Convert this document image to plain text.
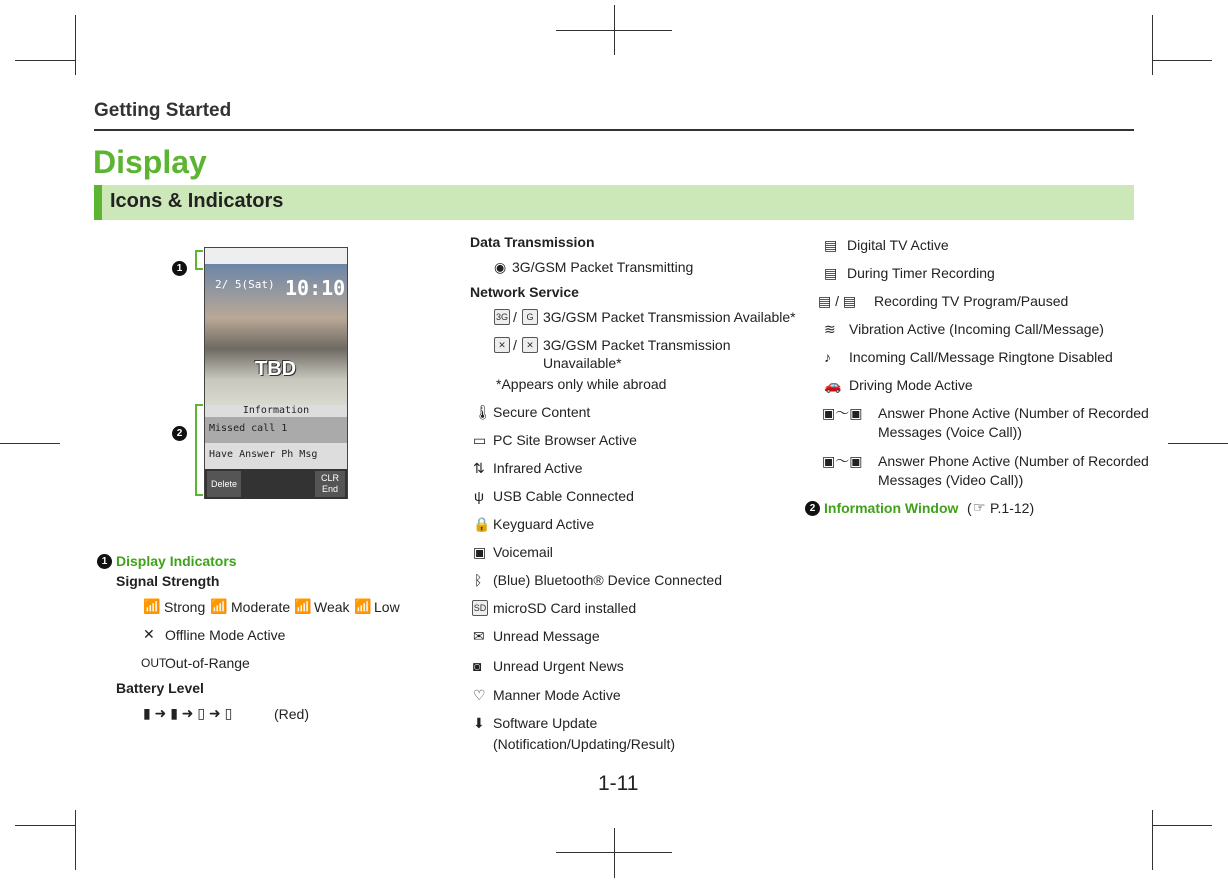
Getting Started
Display
Icons & Indicators
1
2
2/ 5(Sat) 10:10
TBD
Information
Missed call 1
Have Answer Ph Msg
Delete
CLR
End
1 Display Indicators
Signal Strength
📶 Strong 📶 Moderate 📶 Weak 📶 Low
✕ Offline Mode Active
OUT
Out-of-Range
Battery Level
▮ ➜ ▮ ➜ ▯ ➜ ▯	(Red)
Data Transmission
◉ 3G/GSM Packet Transmitting
Network Service
3G /	G 3G/GSM Packet Transmission Available*
✕ /	✕ 3G/GSM Packet Transmission
Unavailable*
*Appears only while abroad
🌡 Secure Content
▭ PC Site Browser Active
⇅ Infrared Active
ψ USB Cable Connected
🔒 Keyguard Active
▣ Voicemail
ᛒ (Blue) Bluetooth® Device Connected
SD microSD Card installed
✉ Unread Message
◙ Unread Urgent News
♡ Manner Mode Active
⬇ Software Update
(Notification/Updating/Result)
▤ Digital TV Active
▤ During Timer Recording
▤ / ▤ Recording TV Program/Paused
≋ Vibration Active (Incoming Call/Message)
♪ Incoming Call/Message Ringtone Disabled
🚗 Driving Mode Active
▣〜▣ Answer Phone Active (Number of Recorded
Messages (Voice Call))
▣〜▣ Answer Phone Active (Number of Recorded
Messages (Video Call))
2 Information Window ( ☞ P.1-12)
1-11
